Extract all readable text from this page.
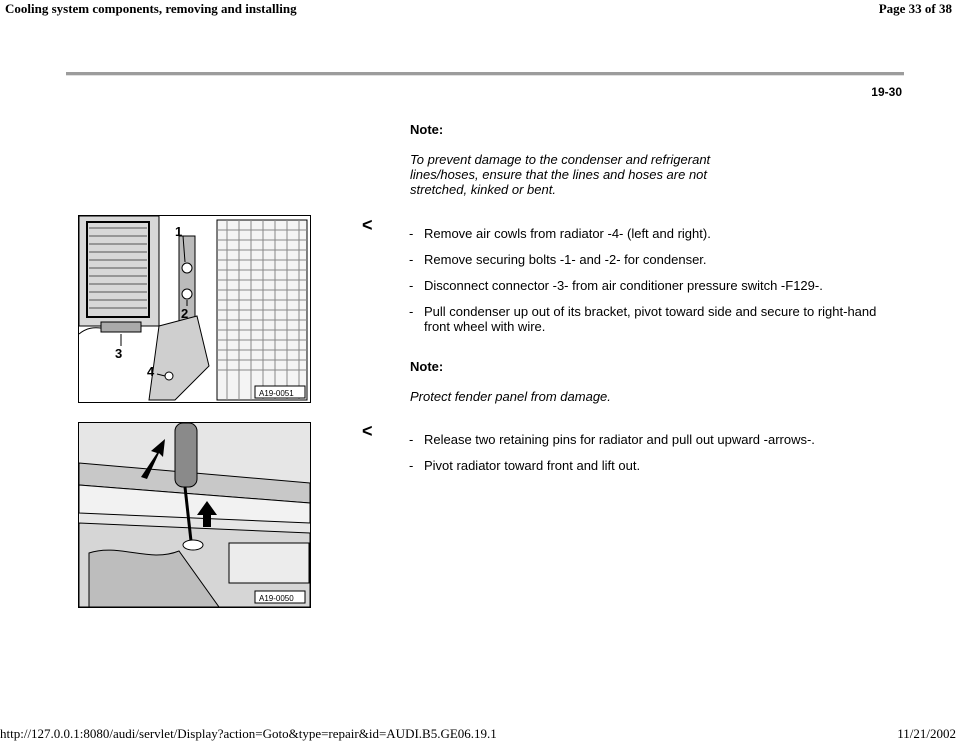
Cooling system components, removing and installing	Page 33 of 38
19-30
Note:
To prevent damage to the condenser and refrigerant lines/hoses, ensure that the lines and hoses are not stretched, kinked or bent.
1
2
3
4
A19-0051
<	- Remove air cowls from radiator -4- (left and right).
- Remove securing bolts -1- and -2- for condenser.
- Disconnect connector -3- from air conditioner pressure switch -F129-.
- Pull condenser up out of its bracket, pivot toward side and secure to right-hand front wheel with wire.
Note:
Protect fender panel from damage.
A19-0050
<	- Release two retaining pins for radiator and pull out upward -arrows-.
- Pivot radiator toward front and lift out.
http://127.0.0.1:8080/audi/servlet/Display?action=Goto&type=repair&id=AUDI.B5.GE06.19.1	11/21/2002
